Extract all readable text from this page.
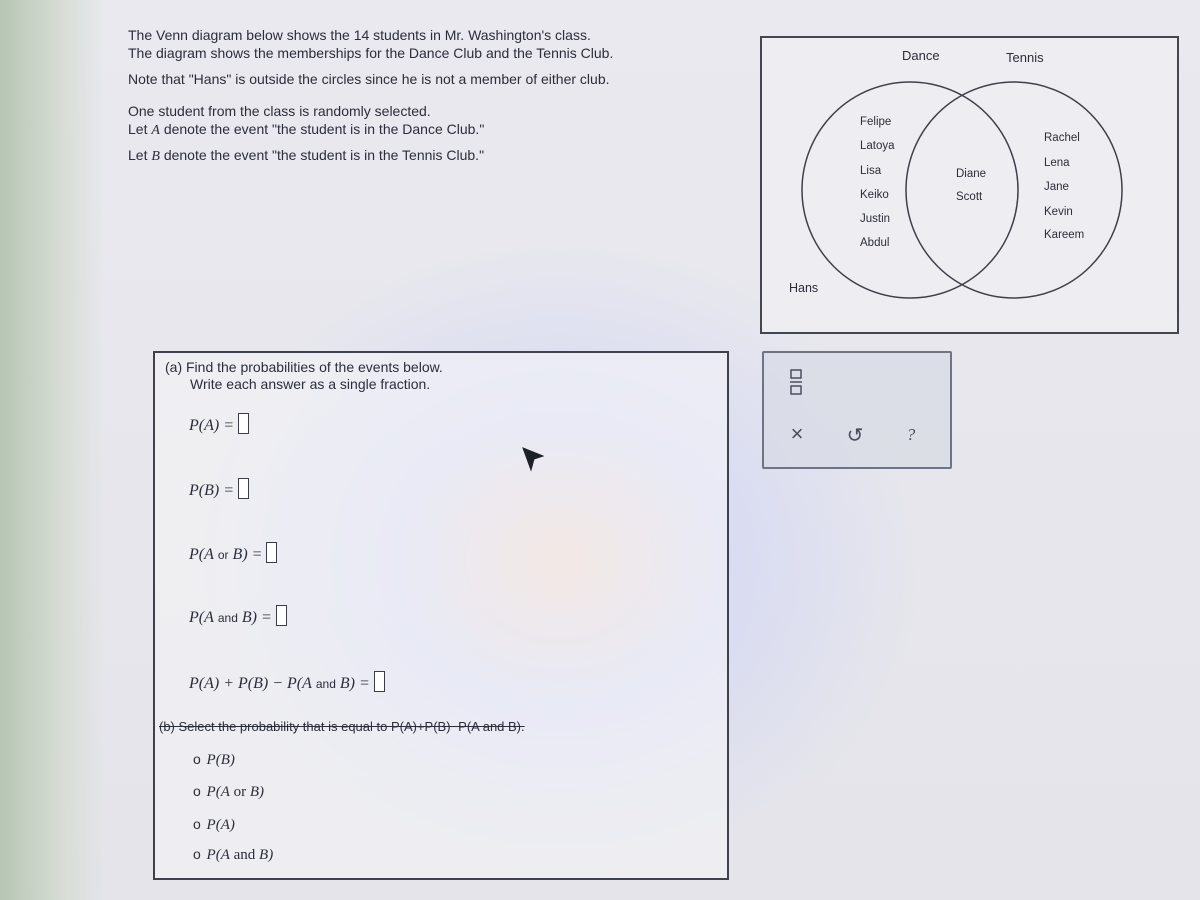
The Venn diagram below shows the 14 students in Mr. Washington's class.

The diagram shows the memberships for the Dance Club and the Tennis Club.

Note that "Hans" is outside the circles since he is not a member of either club.

One student from the class is randomly selected.

Let A denote the event "the student is in the Dance Club."

Let B denote the event "the student is in the Tennis Club."

Dance	Tennis
Felipe
Latoya
Lisa
Keiko
Justin
Abdul
Diane
Scott
Rachel
Lena
Jane
Kevin
Kareem
Hans
(a) Find the probabilities of the events below.
Write each answer as a single fraction.
P(A) =
P(B) =
P(A or B) =
P(A and B) =
P(A) + P(B) − P(A and B) =
(b) Select the probability that is equal to P(A)+P(B)−P(A and B).
o P(B)
o P(A or B)
o P(A)
o P(A and B)
×	↺	?
